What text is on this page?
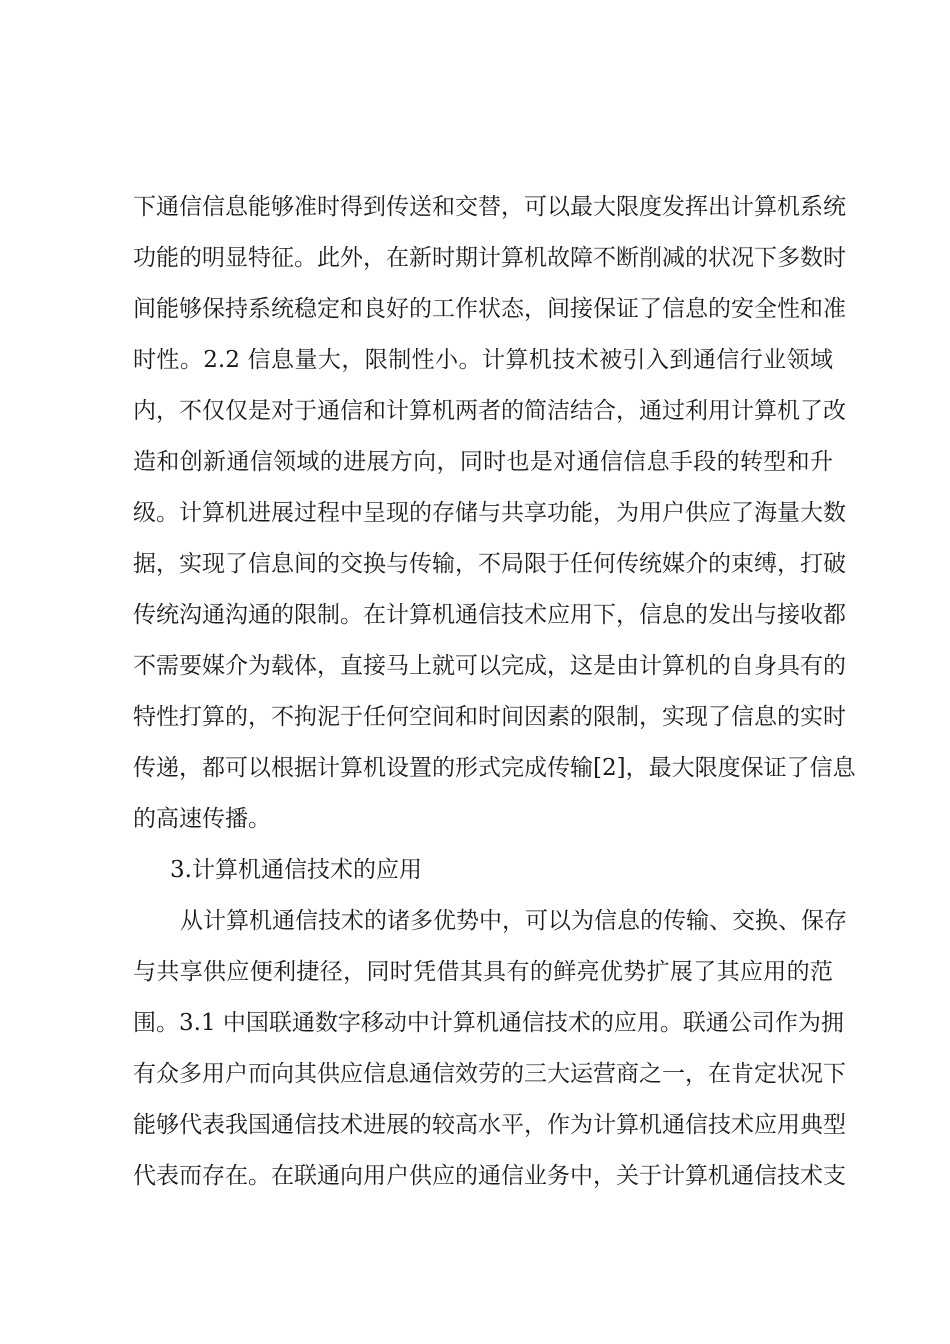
下通信信息能够准时得到传送和交替，可以最大限度发挥出计算机系统
功能的明显特征。此外，在新时期计算机故障不断削减的状况下多数时
间能够保持系统稳定和良好的工作状态，间接保证了信息的安全性和准
时性。2.2 信息量大，限制性小。计算机技术被引入到通信行业领域
内，不仅仅是对于通信和计算机两者的简洁结合，通过利用计算机了改
造和创新通信领域的进展方向，同时也是对通信信息手段的转型和升
级。计算机进展过程中呈现的存储与共享功能，为用户供应了海量大数
据，实现了信息间的交换与传输，不局限于任何传统媒介的束缚，打破
传统沟通沟通的限制。在计算机通信技术应用下，信息的发出与接收都
不需要媒介为载体，直接马上就可以完成，这是由计算机的自身具有的
特性打算的，不拘泥于任何空间和时间因素的限制，实现了信息的实时
传递，都可以根据计算机设置的形式完成传输[2]，最大限度保证了信息
的高速传播。
3.计算机通信技术的应用
从计算机通信技术的诸多优势中，可以为信息的传输、交换、保存
与共享供应便利捷径，同时凭借其具有的鲜亮优势扩展了其应用的范
围。3.1 中国联通数字移动中计算机通信技术的应用。联通公司作为拥
有众多用户而向其供应信息通信效劳的三大运营商之一，在肯定状况下
能够代表我国通信技术进展的较高水平，作为计算机通信技术应用典型
代表而存在。在联通向用户供应的通信业务中，关于计算机通信技术支
